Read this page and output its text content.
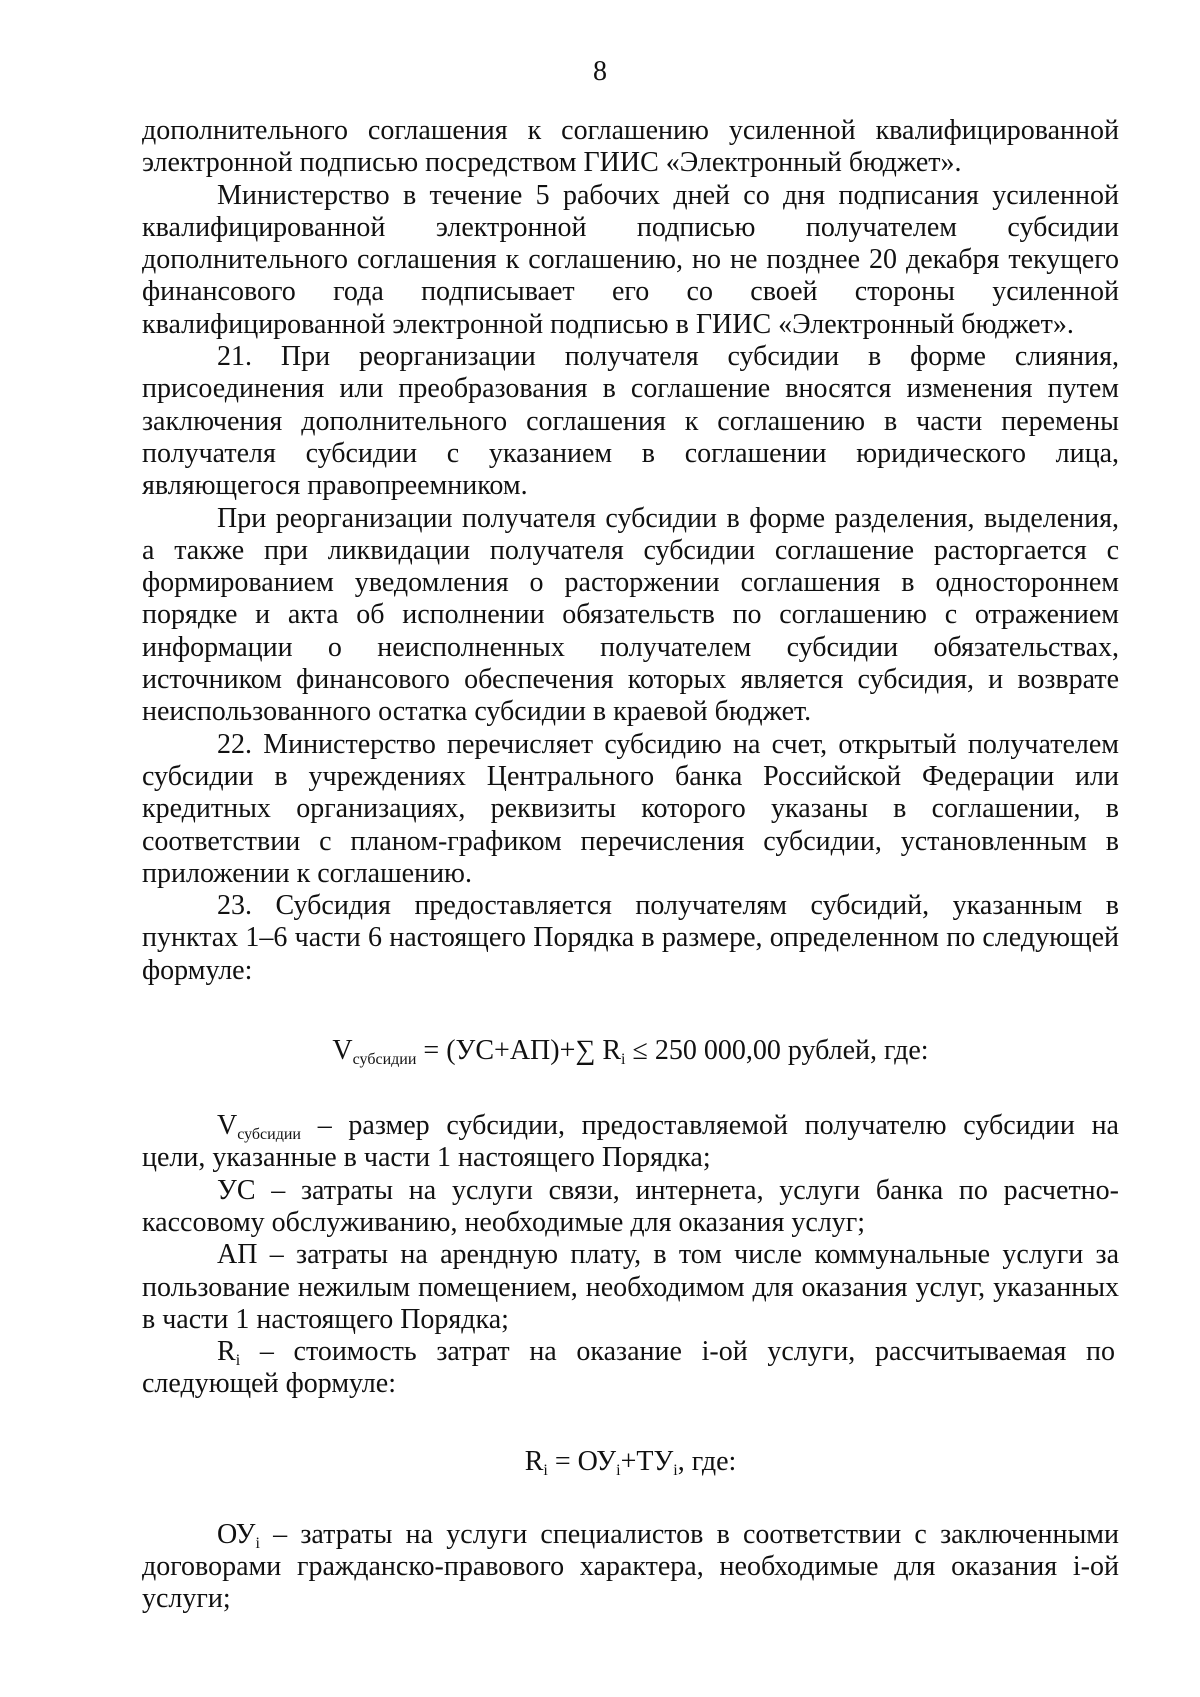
8

дополнительного соглашения к соглашению усиленной квалифицированной электронной подписью посредством ГИИС «Электронный бюджет».

Министерство в течение 5 рабочих дней со дня подписания усиленной квалифицированной электронной подписью получателем субсидии дополнительного соглашения к соглашению, но не позднее 20 декабря текущего финансового года подписывает его со своей стороны усиленной квалифицированной электронной подписью в ГИИС «Электронный бюджет».

21. При реорганизации получателя субсидии в форме слияния, присоединения или преобразования в соглашение вносятся изменения путем заключения дополнительного соглашения к соглашению в части перемены получателя субсидии с указанием в соглашении юридического лица, являющегося правопреемником.

При реорганизации получателя субсидии в форме разделения, выделения, а также при ликвидации получателя субсидии соглашение расторгается с формированием уведомления о расторжении соглашения в одностороннем порядке и акта об исполнении обязательств по соглашению с отражением информации о неисполненных получателем субсидии обязательствах, источником финансового обеспечения которых является субсидия, и возврате неиспользованного остатка субсидии в краевой бюджет.

22. Министерство перечисляет субсидию на счет, открытый получателем субсидии в учреждениях Центрального банка Российской Федерации или кредитных организациях, реквизиты которого указаны в соглашении, в соответствии с планом-графиком перечисления субсидии, установленным в приложении к соглашению.

23. Субсидия предоставляется получателям субсидий, указанным в пунктах 1–6 части 6 настоящего Порядка в размере, определенном по следующей формуле:

$V_{субсидии} = (УС+АП)+\sum$ $R_i \le 250$ 000,00 рублей, где:

$V_{субсидии}$ – размер субсидии, предоставляемой получателю субсидии на цели, указанные в части 1 настоящего Порядка;

УС – затраты на услуги связи, интернета, услуги банка по расчетно-кассовому обслуживанию, необходимые для оказания услуг;

АП – затраты на арендную плату, в том числе коммунальные услуги за пользование нежилым помещением, необходимом для оказания услуг, указанных в части 1 настоящего Порядка;

$R_i$ – стоимость затрат на оказание i-ой услуги, рассчитываемая по следующей формуле:

$R_i = ОУ_i+ТУ_i$, где:

$ОУ_i$ – затраты на услуги специалистов в соответствии с заключенными договорами гражданско-правового характера, необходимые для оказания i-ой услуги;
